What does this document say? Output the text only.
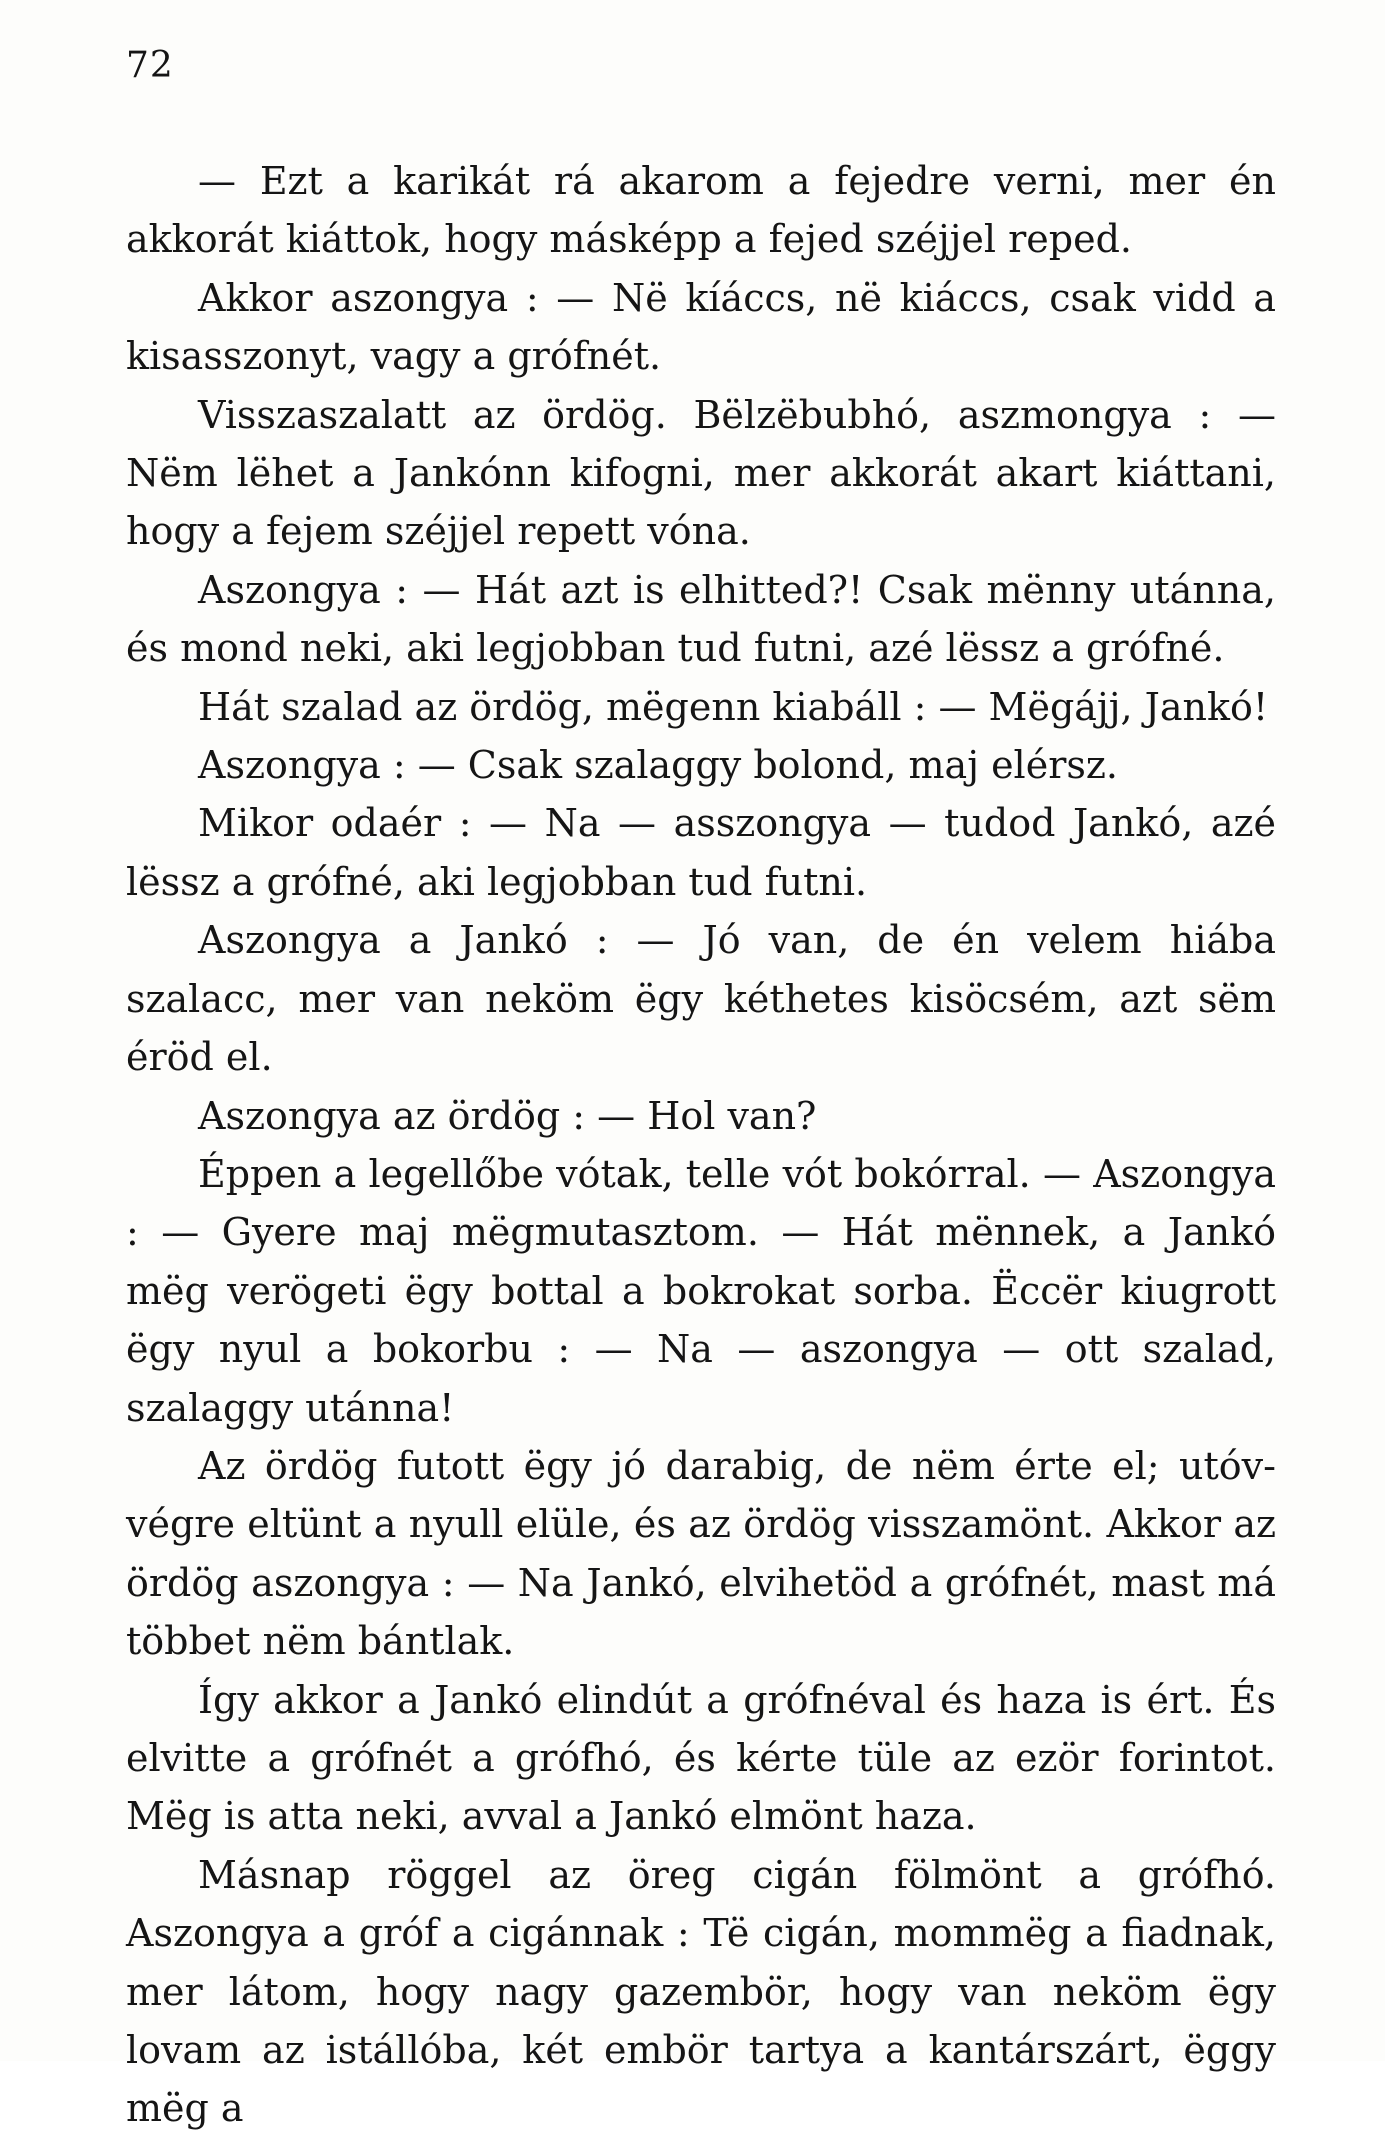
72

— Ezt a karikát rá akarom a fejedre verni, mer én akkorát kiáttok, hogy másképp a fejed széjjel reped.

Akkor aszongya : — Në kíáccs, në kiáccs, csak vidd a kisasszonyt, vagy a grófnét.

Visszaszalatt az ördög. Bëlzëbubhó, aszmongya : — Nëm lëhet a Jankónn kifogni, mer akkorát akart kiáttani, hogy a fejem széjjel repett vóna.

Aszongya : — Hát azt is elhitted?! Csak mënny utánna, és mond neki, aki legjobban tud futni, azé lëssz a grófné.

Hát szalad az ördög, mëgenn kiabáll : — Mëgájj, Jankó!

Aszongya : — Csak szalaggy bolond, maj elérsz.

Mikor odaér : — Na — asszongya — tudod Jankó, azé lëssz a grófné, aki legjobban tud futni.

Aszongya a Jankó : — Jó van, de én velem hiába szalacc, mer van neköm ëgy kéthetes kisöcsém, azt sëm éröd el.

Aszongya az ördög : — Hol van?

Éppen a legellőbe vótak, telle vót bokórral. — Aszongya : — Gyere maj mëgmutasztom. — Hát mënnek, a Jankó mëg verögeti ëgy bottal a bokrokat sorba. Ëccër kiugrott ëgy nyul a bokorbu : — Na — aszongya — ott szalad, szalaggy utánna!

Az ördög futott ëgy jó darabig, de nëm érte el; utóv-végre eltünt a nyull elüle, és az ördög visszamönt. Akkor az ördög aszongya : — Na Jankó, elvihetöd a grófnét, mast má többet nëm bántlak.

Így akkor a Jankó elindút a grófnéval és haza is ért. És elvitte a grófnét a grófhó, és kérte tüle az ezör forintot. Mëg is atta neki, avval a Jankó elmönt haza.

Másnap röggel az öreg cigán fölmönt a grófhó. Aszongya a gróf a cigánnak : Të cigán, mommëg a fiadnak, mer látom, hogy nagy gazembör, hogy van neköm ëgy lovam az istállóba, két embör tartya a kantárszárt, ëggy mëg a
